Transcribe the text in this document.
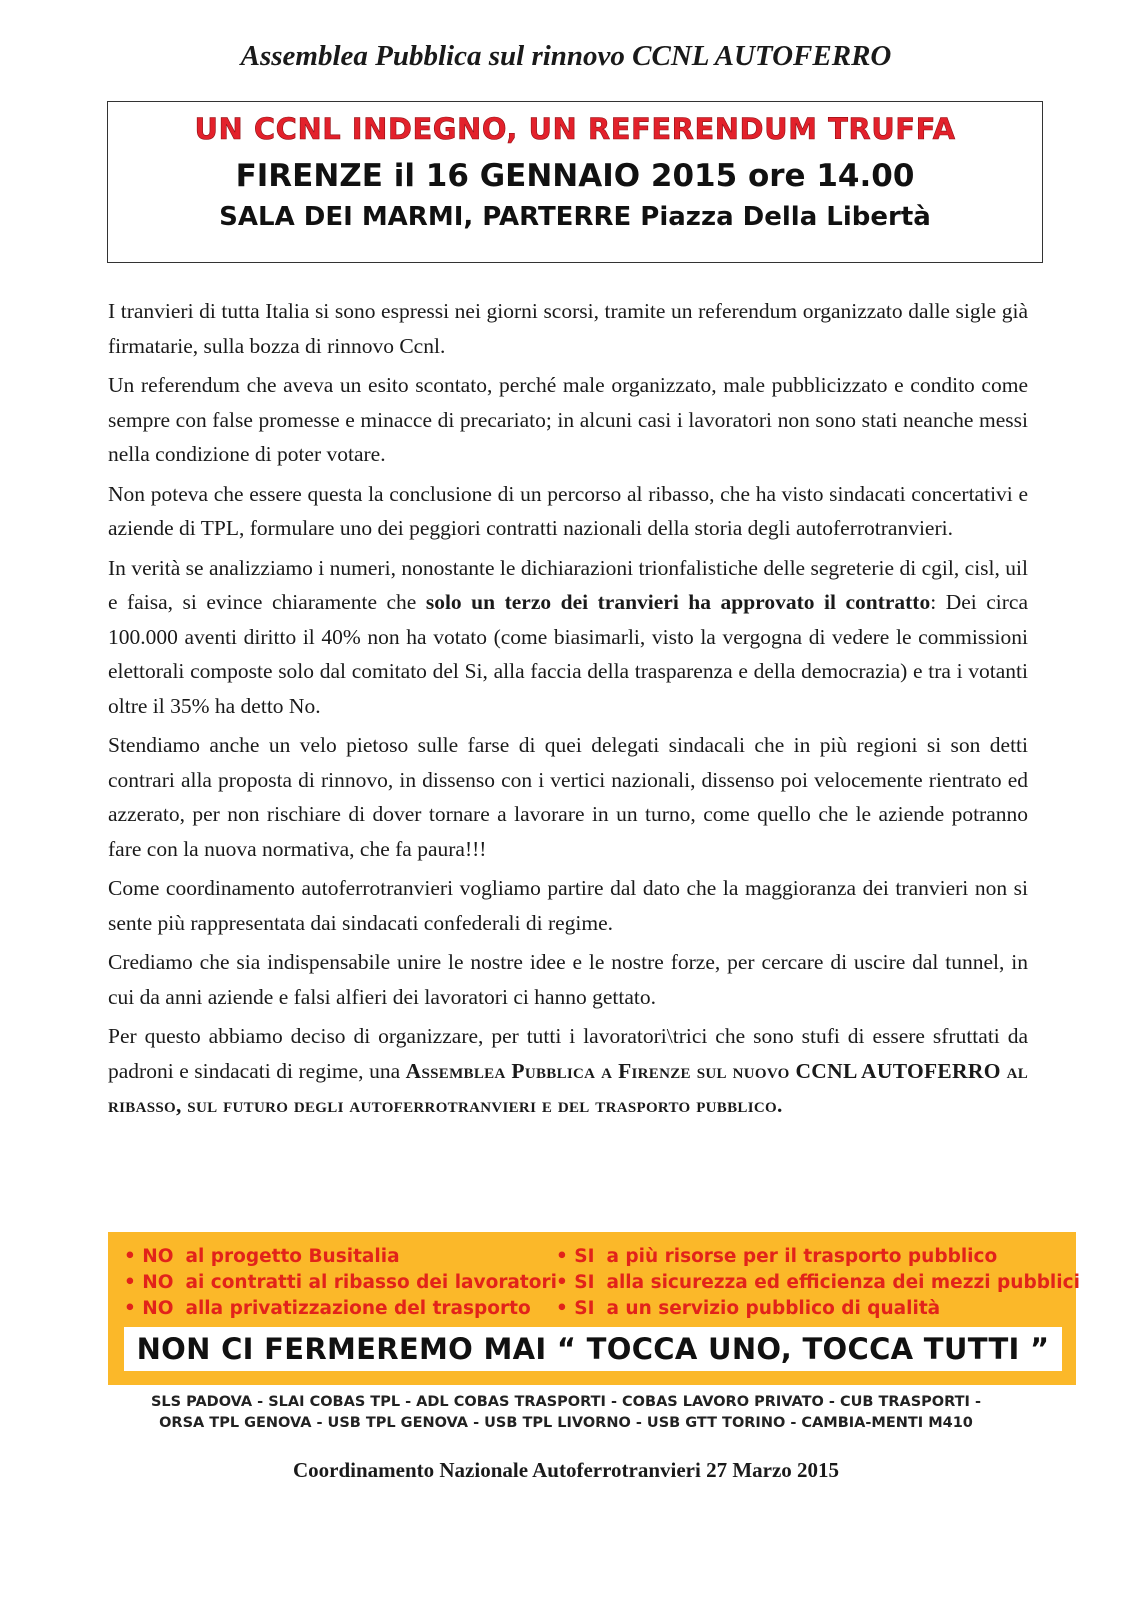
Assemblea Pubblica sul rinnovo CCNL AUTOFERRO
UN CCNL INDEGNO, UN REFERENDUM TRUFFA
FIRENZE il 16 GENNAIO 2015 ore 14.00
SALA DEI MARMI, PARTERRE Piazza Della Libertà

I tranvieri di tutta Italia si sono espressi nei giorni scorsi, tramite un referendum organizzato dalle sigle già firmatarie, sulla bozza di rinnovo Ccnl.

Un referendum che aveva un esito scontato, perché male organizzato, male pubblicizzato e condito come sempre con false promesse e minacce di precariato; in alcuni casi i lavoratori non sono stati neanche messi nella condizione di poter votare.

Non poteva che essere questa la conclusione di un percorso al ribasso, che ha visto sindacati concertativi e aziende di TPL, formulare uno dei peggiori contratti nazionali della storia degli autoferrotranvieri.

In verità se analizziamo i numeri, nonostante le dichiarazioni trionfalistiche delle segreterie di cgil, cisl, uil e faisa, si evince chiaramente che solo un terzo dei tranvieri ha approvato il contratto: Dei circa 100.000 aventi diritto il 40% non ha votato (come biasimarli, visto la vergogna di vedere le commissioni elettorali composte solo dal comitato del Si, alla faccia della trasparenza e della democrazia) e tra i votanti oltre il 35% ha detto No.

Stendiamo anche un velo pietoso sulle farse di quei delegati sindacali che in più regioni si son detti contrari alla proposta di rinnovo, in dissenso con i vertici nazionali, dissenso poi velocemente rientrato ed azzerato, per non rischiare di dover tornare a lavorare in un turno, come quello che le aziende potranno fare con la nuova normativa, che fa paura!!!

Come coordinamento autoferrotranvieri vogliamo partire dal dato che la maggioranza dei tranvieri non si sente più rappresentata dai sindacati confederali di regime.

Crediamo che sia indispensabile unire le nostre idee e le nostre forze, per cercare di uscire dal tunnel, in cui da anni aziende e falsi alfieri dei lavoratori ci hanno gettato.

Per questo abbiamo deciso di organizzare, per tutti i lavoratori\trici che sono stufi di essere sfruttati da padroni e sindacati di regime, una Assemblea Pubblica a Firenze sul nuovo CCNL AUTOFERRO al ribasso, sul futuro degli autoferrotranvieri e del trasporto pubblico.

• NO al progetto Busitalia
• NO ai contratti al ribasso dei lavoratori
• NO alla privatizzazione del trasporto
• SI a più risorse per il trasporto pubblico
• SI alla sicurezza ed efficienza dei mezzi pubblici
• SI a un servizio pubblico di qualità
NON CI FERMEREMO MAI “ TOCCA UNO, TOCCA TUTTI ”
SLS PADOVA - SLAI COBAS TPL - ADL COBAS TRASPORTI - COBAS LAVORO PRIVATO - CUB TRASPORTI -
ORSA TPL GENOVA - USB TPL GENOVA - USB TPL LIVORNO - USB GTT TORINO - CAMBIA-MENTI M410
Coordinamento Nazionale Autoferrotranvieri 27 Marzo 2015
